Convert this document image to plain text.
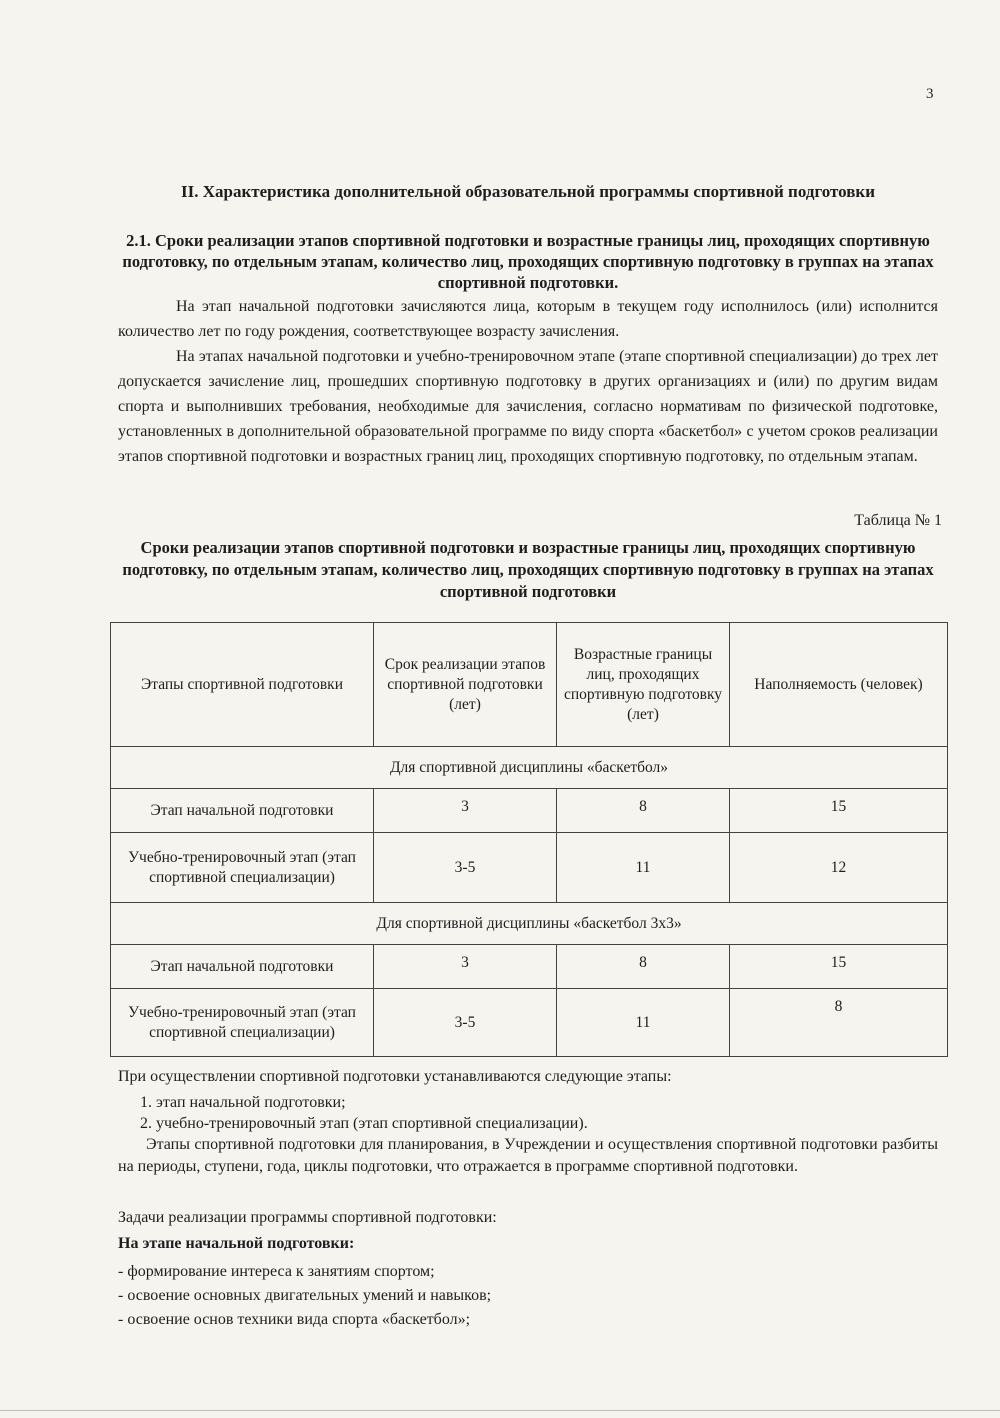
3
II. Характеристика дополнительной образовательной программы спортивной подготовки
2.1. Сроки реализации этапов спортивной подготовки и возрастные границы лиц, проходящих спортивную подготовку, по отдельным этапам, количество лиц, проходящих спортивную подготовку в группах на этапах спортивной подготовки.
На этап начальной подготовки зачисляются лица, которым в текущем году исполнилось (или) исполнится количество лет по году рождения, соответствующее возрасту зачисления.
На этапах начальной подготовки и учебно-тренировочном этапе (этапе спортивной специализации) до трех лет допускается зачисление лиц, прошедших спортивную подготовку в других организациях и (или) по другим видам спорта и выполнивших требования, необходимые для зачисления, согласно нормативам по физической подготовке, установленных в дополнительной образовательной программе по виду спорта «баскетбол» с учетом сроков реализации этапов спортивной подготовки и возрастных границ лиц, проходящих спортивную подготовку, по отдельным этапам.
Таблица № 1
Сроки реализации этапов спортивной подготовки и возрастные границы лиц, проходящих спортивную подготовку, по отдельным этапам, количество лиц, проходящих спортивную подготовку в группах на этапах спортивной подготовки
Этапы спортивной подготовки	Срок реализации этапов спортивной подготовки (лет)	Возрастные границы лиц, проходящих спортивную подготовку (лет)	Наполняемость (человек)
Для спортивной дисциплины «баскетбол»			
Этап начальной подготовки	3	8	15
Учебно-тренировочный этап (этап спортивной специализации)	3-5	11	12
Для спортивной дисциплины «баскетбол 3х3»			
Этап начальной подготовки	3	8	15
Учебно-тренировочный этап (этап спортивной специализации)	3-5	11	8
При осуществлении спортивной подготовки устанавливаются следующие этапы:
1. этап начальной подготовки;
2. учебно-тренировочный этап (этап спортивной специализации).
Этапы спортивной подготовки для планирования, в Учреждении и осуществления спортивной подготовки разбиты на периоды, ступени, года, циклы подготовки, что отражается в программе спортивной подготовки.
Задачи реализации программы спортивной подготовки:
На этапе начальной подготовки:
- формирование интереса к занятиям спортом;
- освоение основных двигательных умений и навыков;
- освоение основ техники вида спорта «баскетбол»;
